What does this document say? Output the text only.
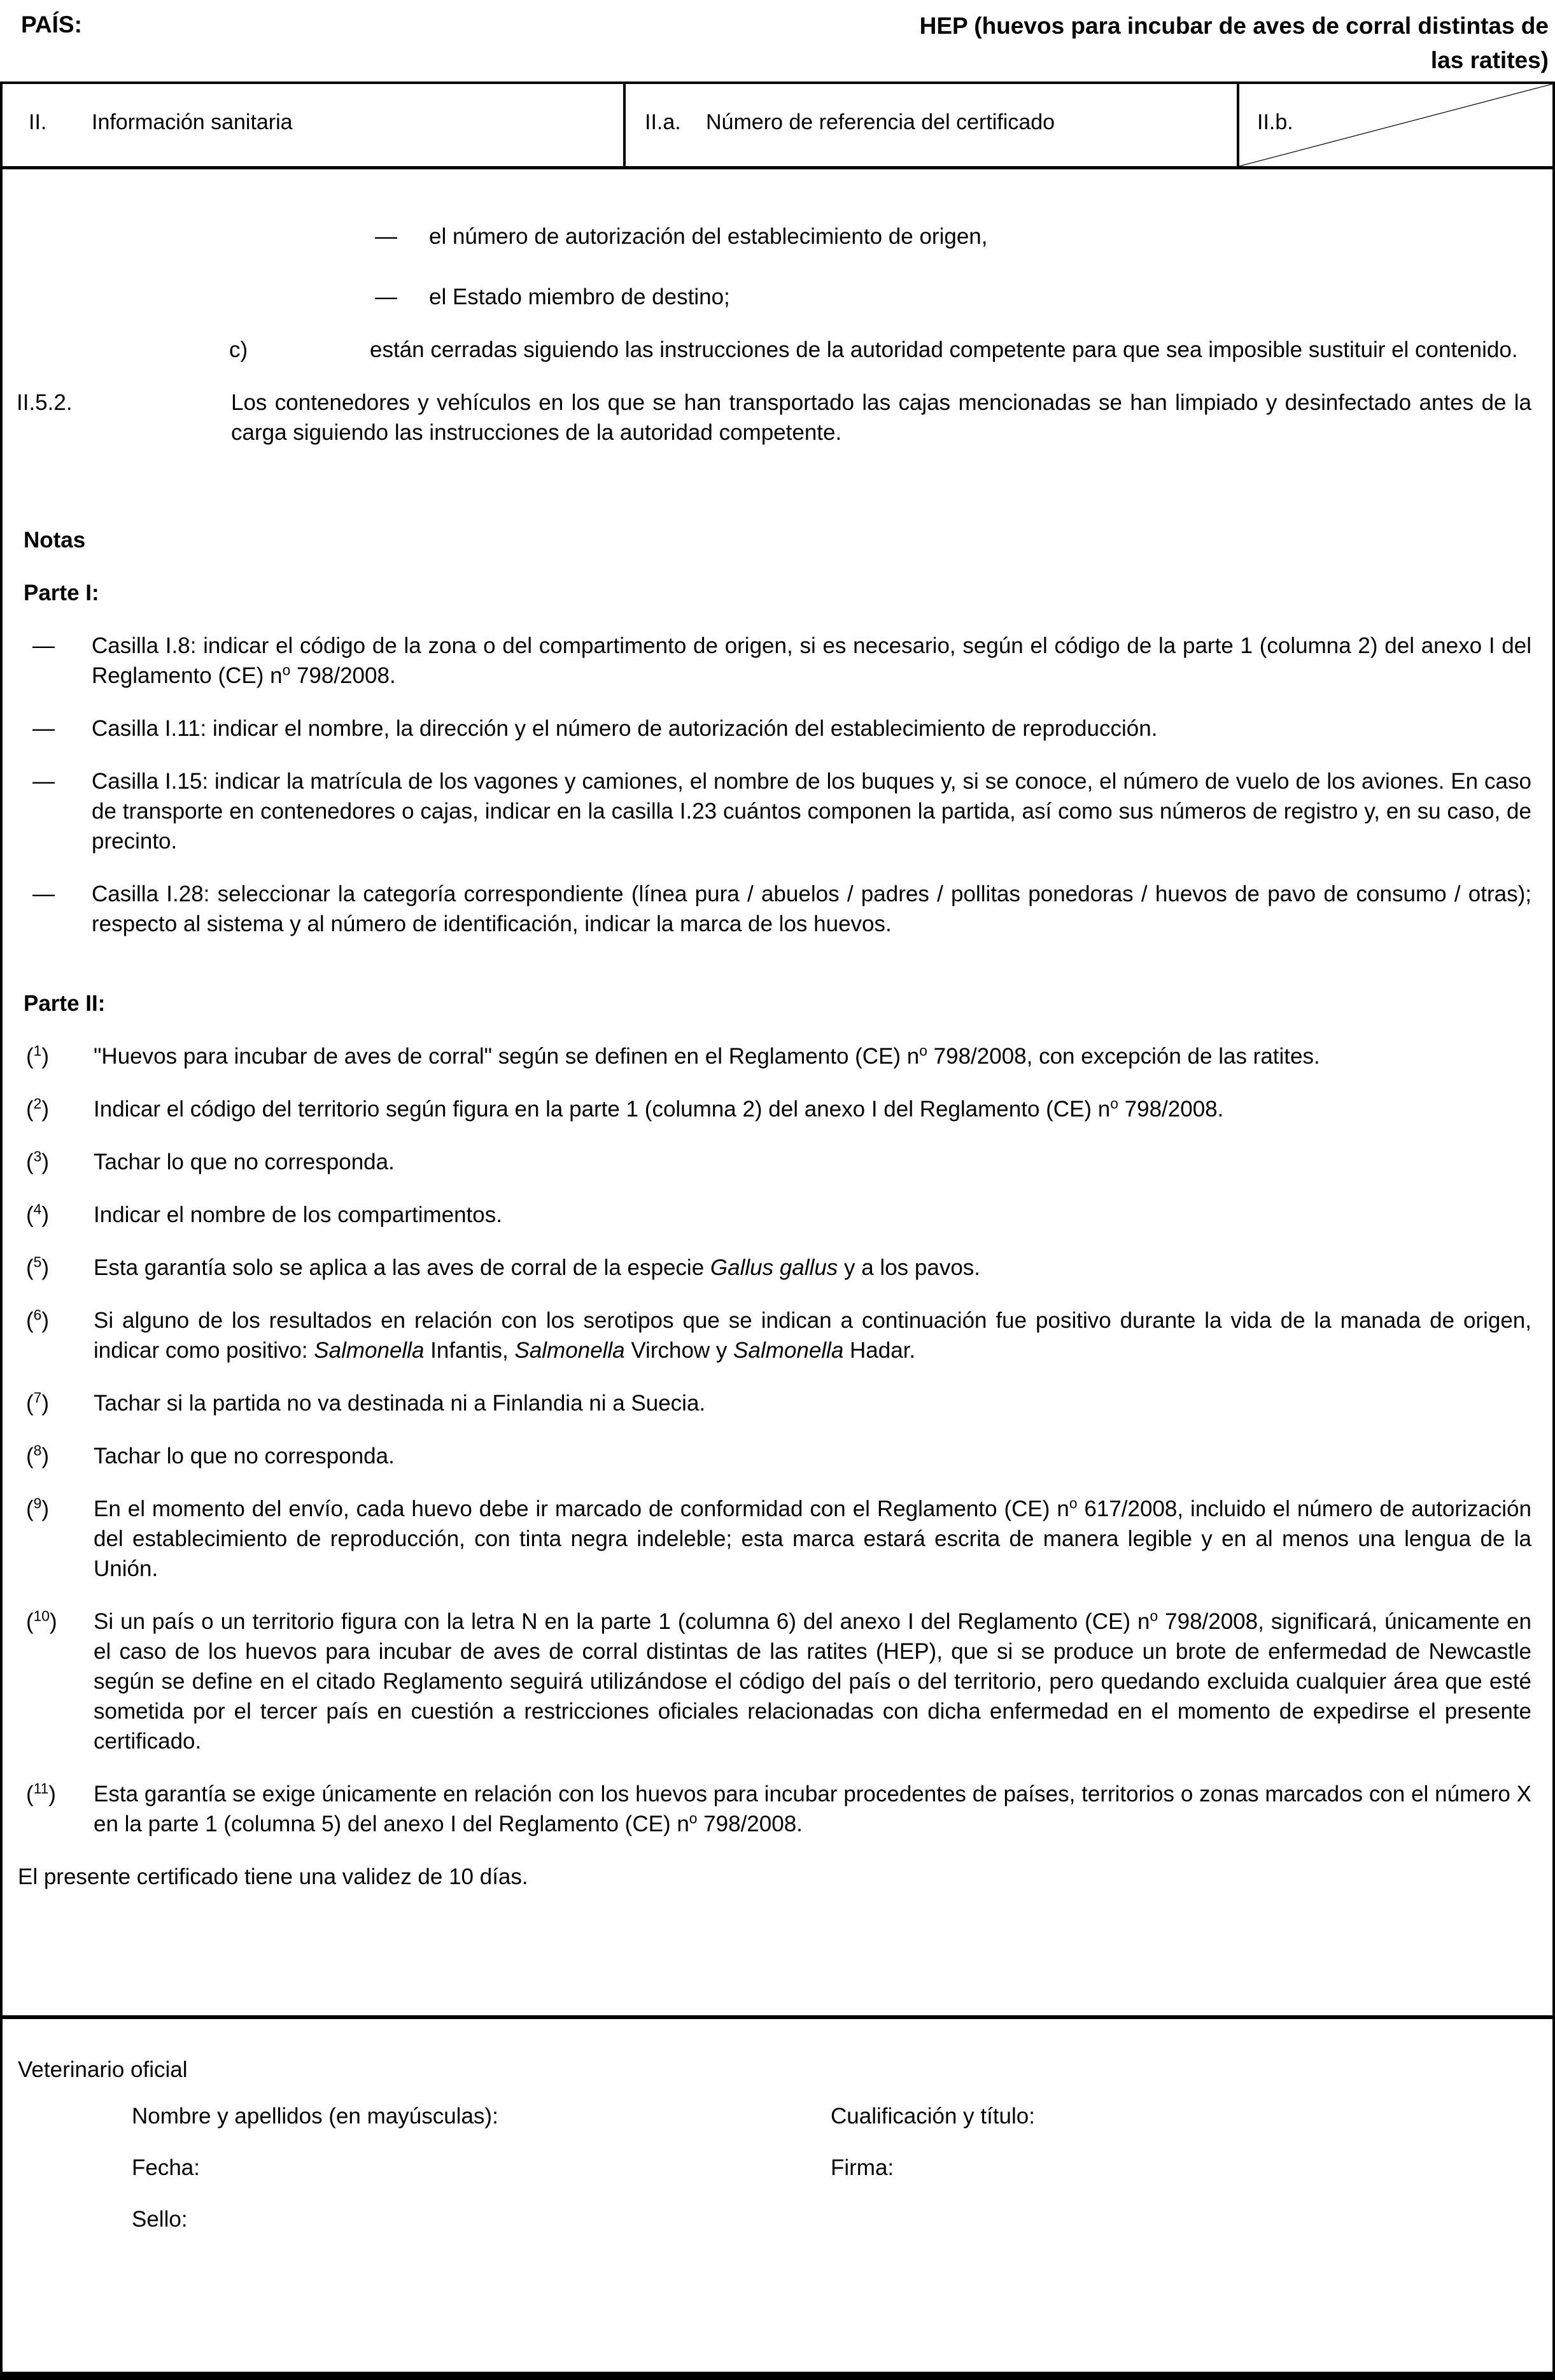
PAÍS:	HEP (huevos para incubar de aves de corral distintas de
las ratites)
II.	Información sanitaria	II.a.	Número de referencia del certificado	II.b.
—	el número de autorización del establecimiento de origen,
—	el Estado miembro de destino;
c)	están cerradas siguiendo las instrucciones de la autoridad competente para que sea imposible sustituir el contenido.
II.5.2.	Los contenedores y vehículos en los que se han transportado las cajas mencionadas se han limpiado y desinfectado antes de la carga siguiendo las instrucciones de la autoridad competente.
Notas
Parte I:
—	Casilla I.8: indicar el código de la zona o del compartimento de origen, si es necesario, según el código de la parte 1 (columna 2) del anexo I del Reglamento (CE) $n^o$ 798/2008.
—	Casilla I.11: indicar el nombre, la dirección y el número de autorización del establecimiento de reproducción.
—	Casilla I.15: indicar la matrícula de los vagones y camiones, el nombre de los buques y, si se conoce, el número de vuelo de los aviones. En caso de transporte en contenedores o cajas, indicar en la casilla I.23 cuántos componen la partida, así como sus números de registro y, en su caso, de precinto.
—	Casilla I.28: seleccionar la categoría correspondiente (línea pura / abuelos / padres / pollitas ponedoras / huevos de pavo de consumo / otras); respecto al sistema y al número de identificación, indicar la marca de los huevos.
Parte II:
($^1$)	"Huevos para incubar de aves de corral" según se definen en el Reglamento (CE) $n^o$ 798/2008, con excepción de las ratites.
($^2$)	Indicar el código del territorio según figura en la parte 1 (columna 2) del anexo I del Reglamento (CE) $n^o$ 798/2008.
($^3$)	Tachar lo que no corresponda.
($^4$)	Indicar el nombre de los compartimentos.
($^5$)	Esta garantía solo se aplica a las aves de corral de la especie Gallus gallus y a los pavos.
($^6$)	Si alguno de los resultados en relación con los serotipos que se indican a continuación fue positivo durante la vida de la manada de origen, indicar como positivo: Salmonella Infantis, Salmonella Virchow y Salmonella Hadar.
($^7$)	Tachar si la partida no va destinada ni a Finlandia ni a Suecia.
($^8$)	Tachar lo que no corresponda.
($^9$)	En el momento del envío, cada huevo debe ir marcado de conformidad con el Reglamento (CE) $n^o$ 617/2008, incluido el número de autorización del establecimiento de reproducción, con tinta negra indeleble; esta marca estará escrita de manera legible y en al menos una lengua de la Unión.
($^{10}$)	Si un país o un territorio figura con la letra N en la parte 1 (columna 6) del anexo I del Reglamento (CE) $n^o$ 798/2008, significará, únicamente en el caso de los huevos para incubar de aves de corral distintas de las ratites (HEP), que si se produce un brote de enfermedad de Newcastle según se define en el citado Reglamento seguirá utilizándose el código del país o del territorio, pero quedando excluida cualquier área que esté sometida por el tercer país en cuestión a restricciones oficiales relacionadas con dicha enfermedad en el momento de expedirse el presente certificado.
($^{11}$)	Esta garantía se exige únicamente en relación con los huevos para incubar procedentes de países, territorios o zonas marcados con el número X en la parte 1 (columna 5) del anexo I del Reglamento (CE) $n^o$ 798/2008.
El presente certificado tiene una validez de 10 días.
Veterinario oficial
Nombre y apellidos (en mayúsculas):	Cualificación y título:
Fecha:	Firma:
Sello:
